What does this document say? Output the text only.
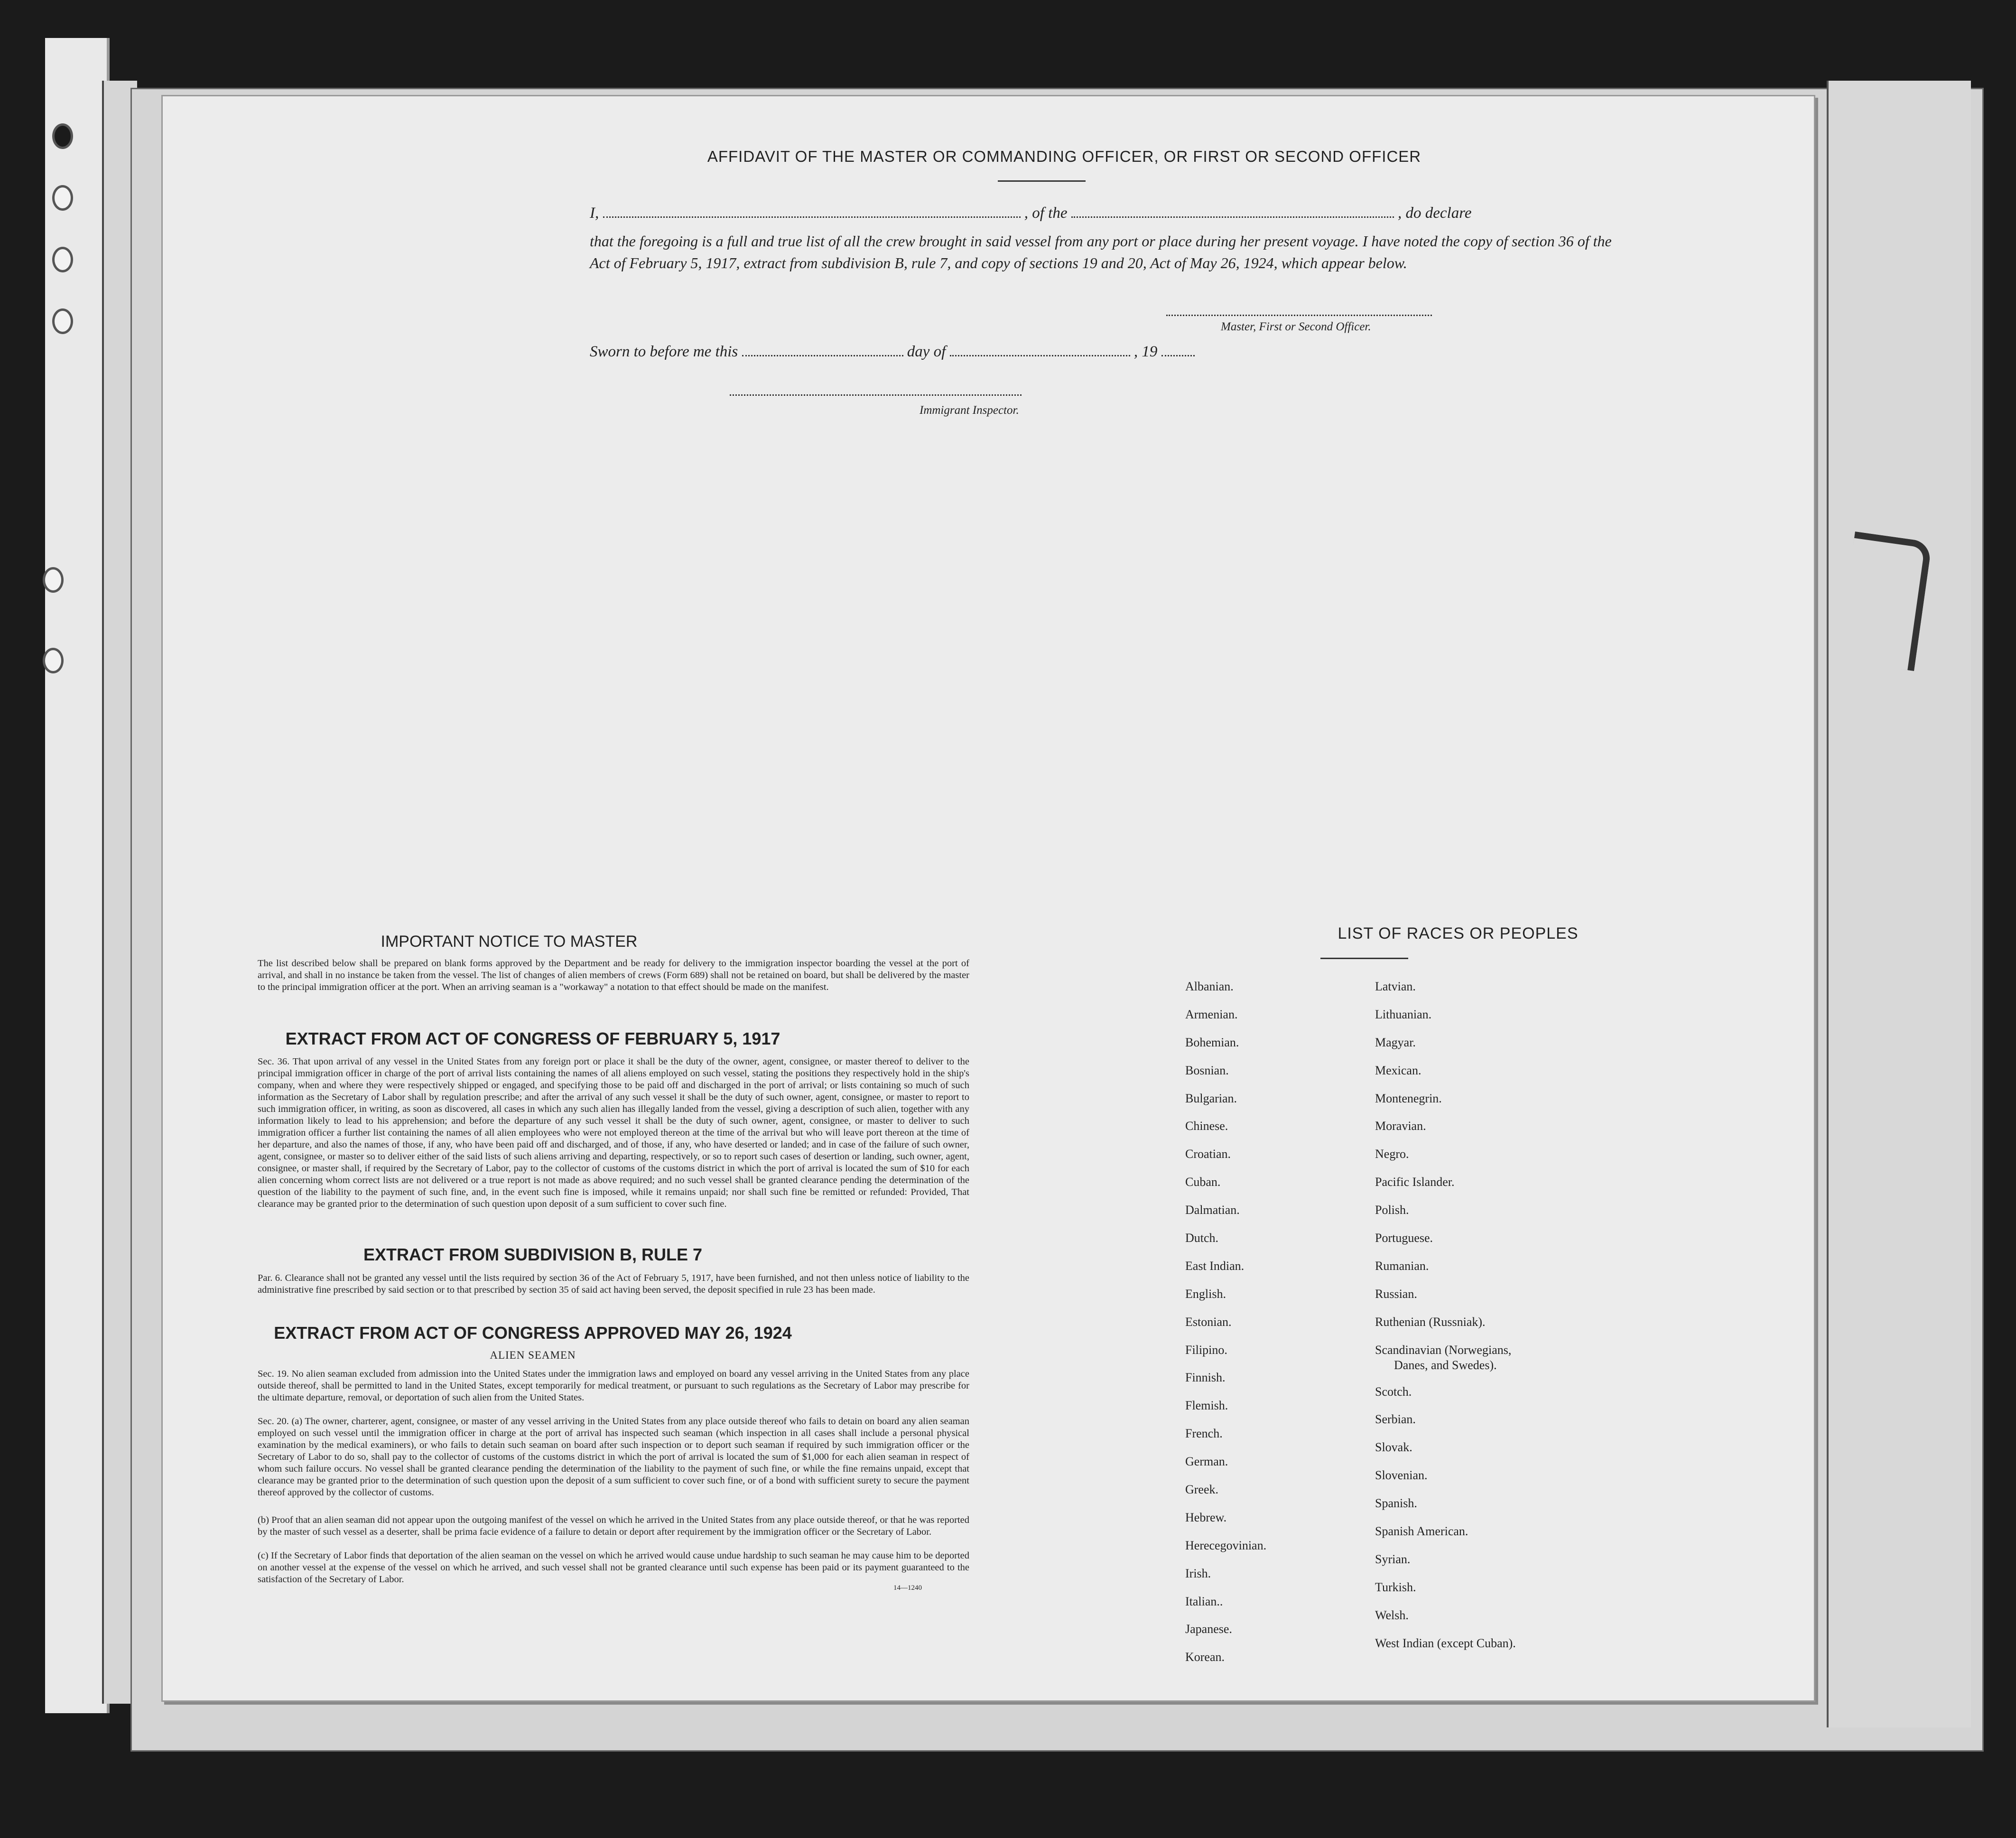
AFFIDAVIT OF THE MASTER OR COMMANDING OFFICER, OR FIRST OR SECOND OFFICER
I,	, of the	, do declare
that the foregoing is a full and true list of all the crew brought in said vessel from any port or place during her present voyage. I have noted the copy of section 36 of the Act of February 5, 1917, extract from subdivision B, rule 7, and copy of sections 19 and 20, Act of May 26, 1924, which appear below.
Master, First or Second Officer.
Sworn to before me this	day of	, 19
Immigrant Inspector.
IMPORTANT NOTICE TO MASTER
The list described below shall be prepared on blank forms approved by the Department and be ready for delivery to the immigration inspector boarding the vessel at the port of arrival, and shall in no instance be taken from the vessel. The list of changes of alien members of crews (Form 689) shall not be retained on board, but shall be delivered by the master to the principal immigration officer at the port. When an arriving seaman is a "workaway" a notation to that effect should be made on the manifest.
EXTRACT FROM ACT OF CONGRESS OF FEBRUARY 5, 1917
Sec. 36. That upon arrival of any vessel in the United States from any foreign port or place it shall be the duty of the owner, agent, consignee, or master thereof to deliver to the principal immigration officer in charge of the port of arrival lists containing the names of all aliens employed on such vessel, stating the positions they respectively hold in the ship's company, when and where they were respectively shipped or engaged, and specifying those to be paid off and discharged in the port of arrival; or lists containing so much of such information as the Secretary of Labor shall by regulation prescribe; and after the arrival of any such vessel it shall be the duty of such owner, agent, consignee, or master to report to such immigration officer, in writing, as soon as discovered, all cases in which any such alien has illegally landed from the vessel, giving a description of such alien, together with any information likely to lead to his apprehension; and before the departure of any such vessel it shall be the duty of such owner, agent, consignee, or master to deliver to such immigration officer a further list containing the names of all alien employees who were not employed thereon at the time of the arrival but who will leave port thereon at the time of her departure, and also the names of those, if any, who have been paid off and discharged, and of those, if any, who have deserted or landed; and in case of the failure of such owner, agent, consignee, or master so to deliver either of the said lists of such aliens arriving and departing, respectively, or so to report such cases of desertion or landing, such owner, agent, consignee, or master shall, if required by the Secretary of Labor, pay to the collector of customs of the customs district in which the port of arrival is located the sum of $10 for each alien concerning whom correct lists are not delivered or a true report is not made as above required; and no such vessel shall be granted clearance pending the determination of the question of the liability to the payment of such fine, and, in the event such fine is imposed, while it remains unpaid; nor shall such fine be remitted or refunded: Provided, That clearance may be granted prior to the determination of such question upon deposit of a sum sufficient to cover such fine.
EXTRACT FROM SUBDIVISION B, RULE 7
Par. 6. Clearance shall not be granted any vessel until the lists required by section 36 of the Act of February 5, 1917, have been furnished, and not then unless notice of liability to the administrative fine prescribed by said section or to that prescribed by section 35 of said act having been served, the deposit specified in rule 23 has been made.
EXTRACT FROM ACT OF CONGRESS APPROVED MAY 26, 1924
ALIEN SEAMEN
Sec. 19. No alien seaman excluded from admission into the United States under the immigration laws and employed on board any vessel arriving in the United States from any place outside thereof, shall be permitted to land in the United States, except temporarily for medical treatment, or pursuant to such regulations as the Secretary of Labor may prescribe for the ultimate departure, removal, or deportation of such alien from the United States.
Sec. 20. (a) The owner, charterer, agent, consignee, or master of any vessel arriving in the United States from any place outside thereof who fails to detain on board any alien seaman employed on such vessel until the immigration officer in charge at the port of arrival has inspected such seaman (which inspection in all cases shall include a personal physical examination by the medical examiners), or who fails to detain such seaman on board after such inspection or to deport such seaman if required by such immigration officer or the Secretary of Labor to do so, shall pay to the collector of customs of the customs district in which the port of arrival is located the sum of $1,000 for each alien seaman in respect of whom such failure occurs. No vessel shall be granted clearance pending the determination of the liability to the payment of such fine, or while the fine remains unpaid, except that clearance may be granted prior to the determination of such question upon the deposit of a sum sufficient to cover such fine, or of a bond with sufficient surety to secure the payment thereof approved by the collector of customs.
(b) Proof that an alien seaman did not appear upon the outgoing manifest of the vessel on which he arrived in the United States from any place outside thereof, or that he was reported by the master of such vessel as a deserter, shall be prima facie evidence of a failure to detain or deport after requirement by the immigration officer or the Secretary of Labor.
(c) If the Secretary of Labor finds that deportation of the alien seaman on the vessel on which he arrived would cause undue hardship to such seaman he may cause him to be deported on another vessel at the expense of the vessel on which he arrived, and such vessel shall not be granted clearance until such expense has been paid or its payment guaranteed to the satisfaction of the Secretary of Labor.
14—1240
LIST OF RACES OR PEOPLES
Albanian.
Armenian.
Bohemian.
Bosnian.
Bulgarian.
Chinese.
Croatian.
Cuban.
Dalmatian.
Dutch.
East Indian.
English.
Estonian.
Filipino.
Finnish.
Flemish.
French.
German.
Greek.
Hebrew.
Herecegovinian.
Irish.
Italian..
Japanese.
Korean.
Latvian.
Lithuanian.
Magyar.
Mexican.
Montenegrin.
Moravian.
Negro.
Pacific Islander.
Polish.
Portuguese.
Rumanian.
Russian.
Ruthenian (Russniak).
Scandinavian (Norwegians,
Danes, and Swedes).
Scotch.
Serbian.
Slovak.
Slovenian.
Spanish.
Spanish American.
Syrian.
Turkish.
Welsh.
West Indian (except Cuban).
